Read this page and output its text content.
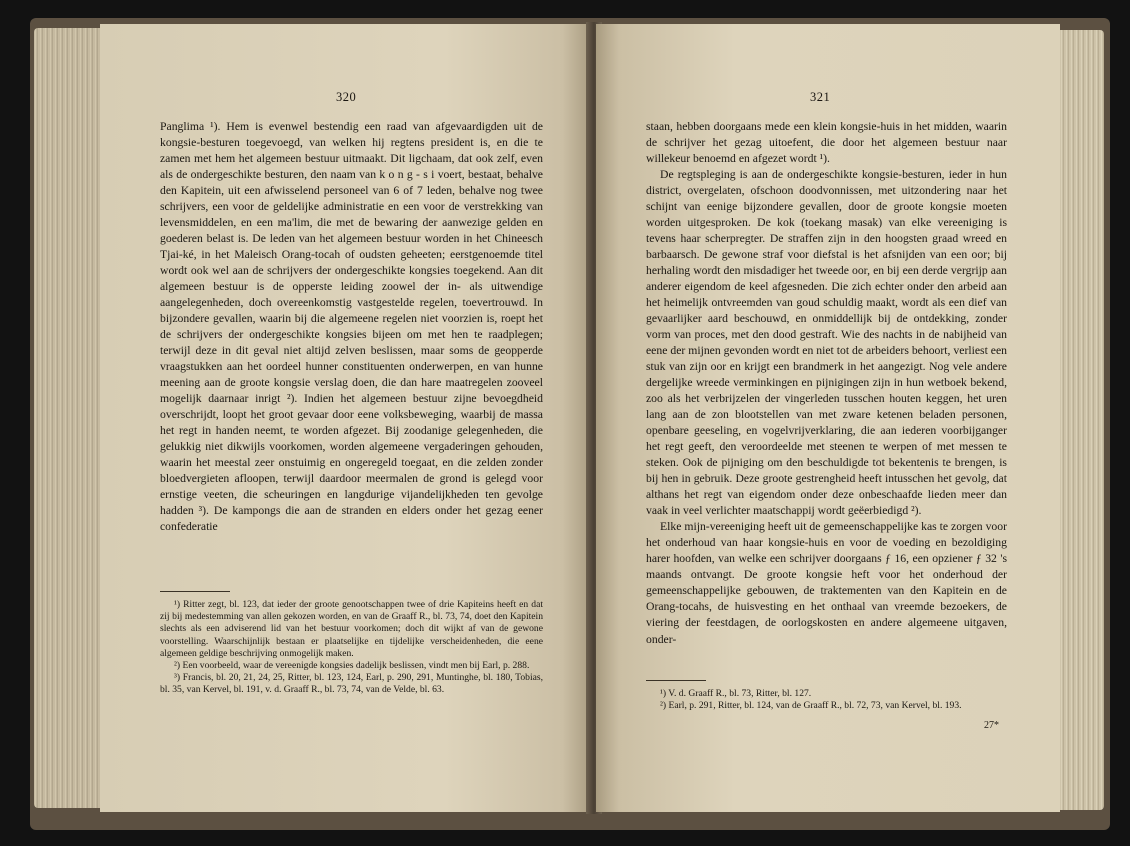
320

Panglima ¹). Hem is evenwel bestendig een raad van afgevaardigden uit de kongsie-besturen toegevoegd, van welken hij regtens president is, en die te zamen met hem het algemeen bestuur uitmaakt. Dit ligchaam, dat ook zelf, even als de ondergeschikte besturen, den naam van k o n g - s i voert, bestaat, behalve den Kapitein, uit een afwisselend personeel van 6 of 7 leden, behalve nog twee schrijvers, een voor de geldelijke administratie en een voor de verstrekking van levensmiddelen, en een ma'lim, die met de bewaring der aanwezige gelden en goederen belast is. De leden van het algemeen bestuur worden in het Chineesch Tjai-ké, in het Maleisch Orang-tocah of oudsten geheeten; eerstgenoemde titel wordt ook wel aan de schrijvers der ondergeschikte kongsies toegekend. Aan dit algemeen bestuur is de opperste leiding zoowel der in- als uitwendige aangelegenheden, doch overeenkomstig vastgestelde regelen, toevertrouwd. In bijzondere gevallen, waarin bij die algemeene regelen niet voorzien is, roept het de schrijvers der ondergeschikte kongsies bijeen om met hen te raadplegen; terwijl deze in dit geval niet altijd zelven beslissen, maar soms de geopperde vraagstukken aan het oordeel hunner constituenten onderwerpen, en van hunne meening aan de groote kongsie verslag doen, die dan hare maatregelen zooveel mogelijk daarnaar inrigt ²). Indien het algemeen bestuur zijne bevoegdheid overschrijdt, loopt het groot gevaar door eene volksbeweging, waarbij de massa het regt in handen neemt, te worden afgezet. Bij zoodanige gelegenheden, die gelukkig niet dikwijls voorkomen, worden algemeene vergaderingen gehouden, waarin het meestal zeer onstuimig en ongeregeld toegaat, en die zelden zonder bloedvergieten afloopen, terwijl daardoor meermalen de grond is gelegd voor ernstige veeten, die scheuringen en langdurige vijandelijkheden ten gevolge hadden ³). De kampongs die aan de stranden en elders onder het gezag eener confederatie

¹) Ritter zegt, bl. 123, dat ieder der groote genootschappen twee of drie Kapiteins heeft en dat zij bij medestemming van allen gekozen worden, en van de Graaff R., bl. 73, 74, doet den Kapitein slechts als een adviserend lid van het bestuur voorkomen; doch dit wijkt af van de gewone voorstelling. Waarschijnlijk bestaan er plaatselijke en tijdelijke verscheidenheden, die eene algemeen geldige beschrijving onmogelijk maken.

²) Een voorbeeld, waar de vereenigde kongsies dadelijk beslissen, vindt men bij Earl, p. 288.

³) Francis, bl. 20, 21, 24, 25, Ritter, bl. 123, 124, Earl, p. 290, 291, Muntinghe, bl. 180, Tobias, bl. 35, van Kervel, bl. 191, v. d. Graaff R., bl. 73, 74, van de Velde, bl. 63.

321

staan, hebben doorgaans mede een klein kongsie-huis in het midden, waarin de schrijver het gezag uitoefent, die door het algemeen bestuur naar willekeur benoemd en afgezet wordt ¹).

De regtspleging is aan de ondergeschikte kongsie-besturen, ieder in hun district, overgelaten, ofschoon doodvonnissen, met uitzondering naar het schijnt van eenige bijzondere gevallen, door de groote kongsie moeten worden uitgesproken. De kok (toekang masak) van elke vereeniging is tevens haar scherpregter. De straffen zijn in den hoogsten graad wreed en barbaarsch. De gewone straf voor diefstal is het afsnijden van een oor; bij herhaling wordt den misdadiger het tweede oor, en bij een derde vergrijp aan anderer eigendom de keel afgesneden. Die zich echter onder den arbeid aan het heimelijk ontvreemden van goud schuldig maakt, wordt als een dief van gevaarlijker aard beschouwd, en onmiddellijk bij de ontdekking, zonder vorm van proces, met den dood gestraft. Wie des nachts in de nabijheid van eene der mijnen gevonden wordt en niet tot de arbeiders behoort, verliest een stuk van zijn oor en krijgt een brandmerk in het aangezigt. Nog vele andere dergelijke wreede verminkingen en pijnigingen zijn in hun wetboek bekend, zoo als het verbrijzelen der vingerleden tusschen houten keggen, het uren lang aan de zon blootstellen van met zware ketenen beladen personen, openbare geeseling, en vogelvrijverklaring, die aan iederen voorbijganger het regt geeft, den veroordeelde met steenen te werpen of met messen te steken. Ook de pijniging om den beschuldigde tot bekentenis te brengen, is bij hen in gebruik. Deze groote gestrengheid heeft intusschen het gevolg, dat althans het regt van eigendom onder deze onbeschaafde lieden meer dan vaak in veel verlichter maatschappij wordt geëerbiedigd ²).

Elke mijn-vereeniging heeft uit de gemeenschappelijke kas te zorgen voor het onderhoud van haar kongsie-huis en voor de voeding en bezoldiging harer hoofden, van welke een schrijver doorgaans ƒ 16, een opziener ƒ 32 's maands ontvangt. De groote kongsie heft voor het onderhoud der gemeenschappelijke gebouwen, de traktementen van den Kapitein en de Orang-tocahs, de huisvesting en het onthaal van vreemde bezoekers, de viering der feestdagen, de oorlogskosten en andere algemeene uitgaven, onder-

¹) V. d. Graaff R., bl. 73, Ritter, bl. 127.

²) Earl, p. 291, Ritter, bl. 124, van de Graaff R., bl. 72, 73, van Kervel, bl. 193.

27*
